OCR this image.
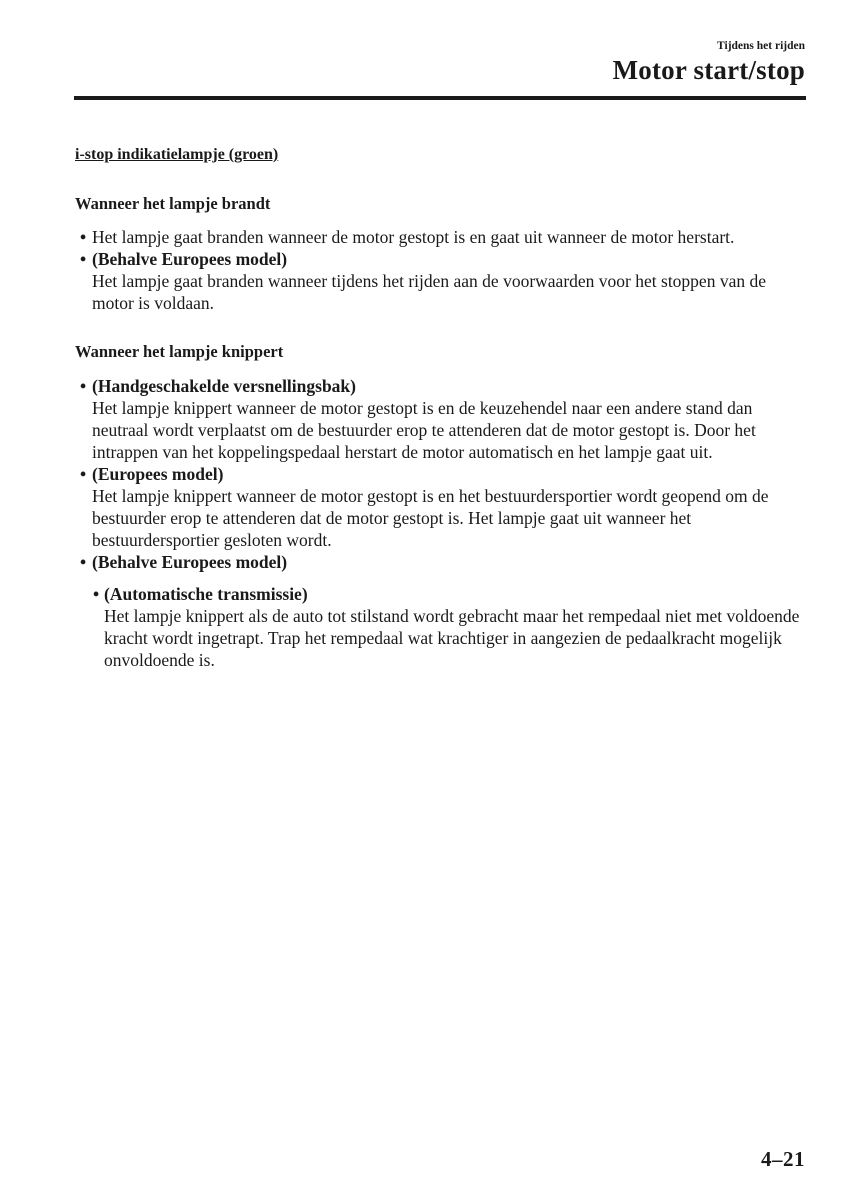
Tijdens het rijden
Motor start/stop

i-stop indikatielampje (groen)

Wanneer het lampje brandt

• Het lampje gaat branden wanneer de motor gestopt is en gaat uit wanneer de motor herstart.
• (Behalve Europees model)
Het lampje gaat branden wanneer tijdens het rijden aan de voorwaarden voor het stoppen van de motor is voldaan.

Wanneer het lampje knippert

• (Handgeschakelde versnellingsbak)
Het lampje knippert wanneer de motor gestopt is en de keuzehendel naar een andere stand dan neutraal wordt verplaatst om de bestuurder erop te attenderen dat de motor gestopt is. Door het intrappen van het koppelingspedaal herstart de motor automatisch en het lampje gaat uit.
• (Europees model)
Het lampje knippert wanneer de motor gestopt is en het bestuurdersportier wordt geopend om de bestuurder erop te attenderen dat de motor gestopt is. Het lampje gaat uit wanneer het bestuurdersportier gesloten wordt.
• (Behalve Europees model)
• (Automatische transmissie)
Het lampje knippert als de auto tot stilstand wordt gebracht maar het rempedaal niet met voldoende kracht wordt ingetrapt. Trap het rempedaal wat krachtiger in aangezien de pedaalkracht mogelijk onvoldoende is.
4–21
